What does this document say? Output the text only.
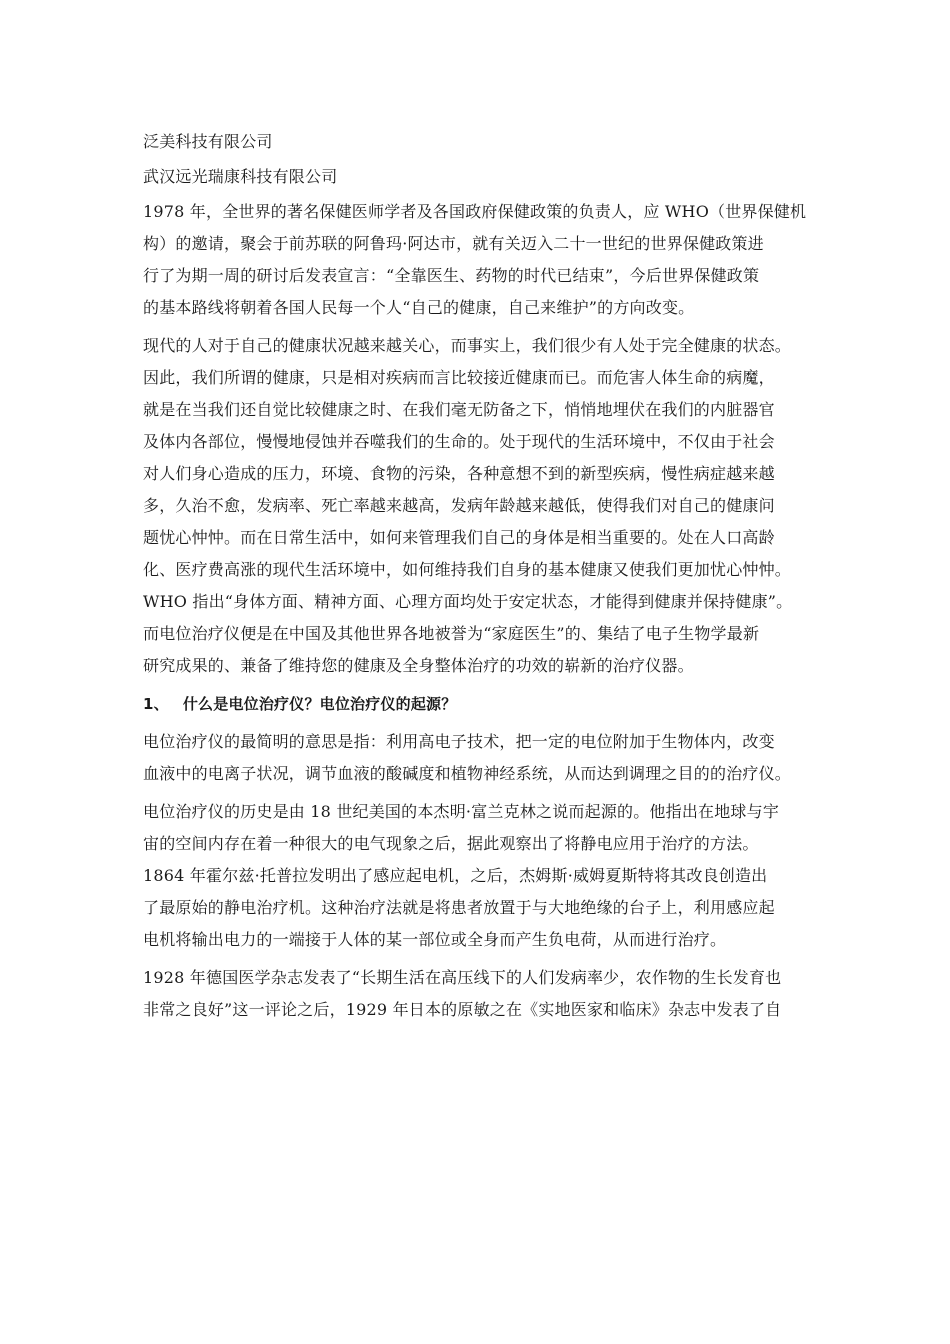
泛美科技有限公司
武汉远光瑞康科技有限公司
1978 年，全世界的著名保健医师学者及各国政府保健政策的负责人，应 WHO（世界保健机
构）的邀请，聚会于前苏联的阿鲁玛·阿达市，就有关迈入二十一世纪的世界保健政策进
行了为期一周的研讨后发表宣言：“全靠医生、药物的时代已结束”，今后世界保健政策
的基本路线将朝着各国人民每一个人“自己的健康，自己来维护”的方向改变。
现代的人对于自己的健康状况越来越关心，而事实上，我们很少有人处于完全健康的状态。
因此，我们所谓的健康，只是相对疾病而言比较接近健康而已。而危害人体生命的病魔，
就是在当我们还自觉比较健康之时、在我们毫无防备之下，悄悄地埋伏在我们的内脏器官
及体内各部位，慢慢地侵蚀并吞噬我们的生命的。处于现代的生活环境中，不仅由于社会
对人们身心造成的压力，环境、食物的污染，各种意想不到的新型疾病，慢性病症越来越
多，久治不愈，发病率、死亡率越来越高，发病年龄越来越低，使得我们对自己的健康问
题忧心忡忡。而在日常生活中，如何来管理我们自己的身体是相当重要的。处在人口高龄
化、医疗费高涨的现代生活环境中，如何维持我们自身的基本健康又使我们更加忧心忡忡。
WHO 指出“身体方面、精神方面、心理方面均处于安定状态，才能得到健康并保持健康”。
而电位治疗仪便是在中国及其他世界各地被誉为“家庭医生”的、集结了电子生物学最新
研究成果的、兼备了维持您的健康及全身整体治疗的功效的崭新的治疗仪器。
1、 什么是电位治疗仪？电位治疗仪的起源？
电位治疗仪的最简明的意思是指：利用高电子技术，把一定的电位附加于生物体内，改变
血液中的电离子状况，调节血液的酸碱度和植物神经系统，从而达到调理之目的的治疗仪。
电位治疗仪的历史是由 18 世纪美国的本杰明·富兰克林之说而起源的。他指出在地球与宇
宙的空间内存在着一种很大的电气现象之后，据此观察出了将静电应用于治疗的方法。
1864 年霍尔兹·托普拉发明出了感应起电机，之后，杰姆斯·威姆夏斯特将其改良创造出
了最原始的静电治疗机。这种治疗法就是将患者放置于与大地绝缘的台子上，利用感应起
电机将输出电力的一端接于人体的某一部位或全身而产生负电荷，从而进行治疗。
1928 年德国医学杂志发表了“长期生活在高压线下的人们发病率少，农作物的生长发育也
非常之良好”这一评论之后，1929 年日本的原敏之在《实地医家和临床》杂志中发表了自
